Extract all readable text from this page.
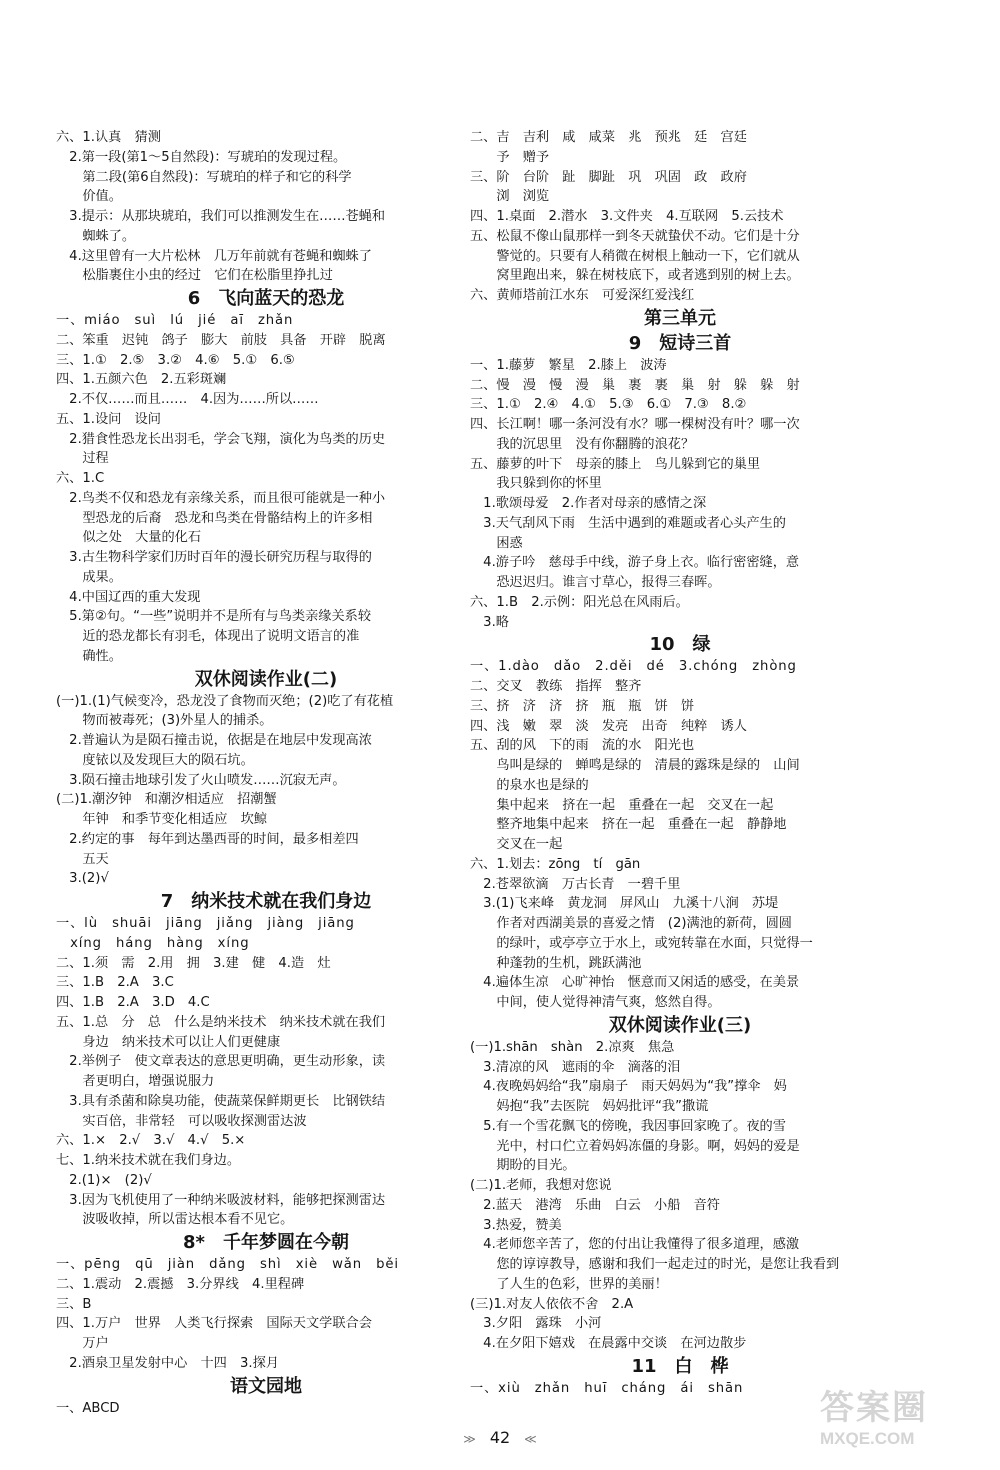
六、1.认真　猜测
　2.第一段(第1～5自然段)：写琥珀的发现过程。
　　第二段(第6自然段)：写琥珀的样子和它的科学
　　价值。
　3.提示：从那块琥珀，我们可以推测发生在……苍蝇和
　　蜘蛛了。
　4.这里曾有一大片松林　几万年前就有苍蝇和蜘蛛了
　　松脂裹住小虫的经过　它们在松脂里挣扎过
6　飞向蓝天的恐龙
一、miáo　suì　lú　jié　aī　zhǎn
二、笨重　迟钝　鸽子　膨大　前肢　具备　开辟　脱离
三、1.①　2.⑤　3.②　4.⑥　5.①　6.⑤
四、1.五颜六色　2.五彩斑斓
　2.不仅……而且……　4.因为……所以……
五、1.设问　设问
　2.猎食性恐龙长出羽毛，学会飞翔，演化为鸟类的历史
　　过程
六、1.C
　2.鸟类不仅和恐龙有亲缘关系，而且很可能就是一种小
　　型恐龙的后裔　恐龙和鸟类在骨骼结构上的许多相
　　似之处　大量的化石
　3.古生物科学家们历时百年的漫长研究历程与取得的
　　成果。
　4.中国辽西的重大发现
　5.第②句。“一些”说明并不是所有与鸟类亲缘关系较
　　近的恐龙都长有羽毛，体现出了说明文语言的准
　　确性。
双休阅读作业(二)
(一)1.(1)气候变冷，恐龙没了食物而灭绝；(2)吃了有花植
　　物而被毒死；(3)外星人的捕杀。
　2.普遍认为是陨石撞击说，依据是在地层中发现高浓
　　度铱以及发现巨大的陨石坑。
　3.陨石撞击地球引发了火山喷发……沉寂无声。
(二)1.潮汐钟　和潮汐相适应　招潮蟹
　　年钟　和季节变化相适应　坎鲸
　2.约定的事　每年到达墨西哥的时间，最多相差四
　　五天
　3.(2)√
7　纳米技术就在我们身边
一、lù　shuāi　jiāng　jiǎng　jiàng　jiāng
　xíng　háng　hàng　xíng
二、1.须　需　2.用　拥　3.建　健　4.造　灶
三、1.B　2.A　3.C
四、1.B　2.A　3.D　4.C
五、1.总　分　总　什么是纳米技术　纳米技术就在我们
　　身边　纳米技术可以让人们更健康
　2.举例子　使文章表达的意思更明确，更生动形象，读
　　者更明白，增强说服力
　3.具有杀菌和除臭功能，使蔬菜保鲜期更长　比钢铁结
　　实百倍，非常轻　可以吸收探测雷达波
六、1.×　2.√　3.√　4.√　5.×
七、1.纳米技术就在我们身边。
　2.(1)×　(2)√
　3.因为飞机使用了一种纳米吸波材料，能够把探测雷达
　　波吸收掉，所以雷达根本看不见它。
8*　千年梦圆在今朝
一、pēng　qū　jiàn　dǎng　shì　xiè　wǎn　běi
二、1.震动　2.震撼　3.分界线　4.里程碑
三、B
四、1.万户　世界　人类飞行探索　国际天文学联合会
　　万户
　2.酒泉卫星发射中心　十四　3.探月
语文园地
一、ABCD
二、吉　吉利　咸　咸菜　兆　预兆　廷　宫廷
　　予　赠予
三、阶　台阶　趾　脚趾　巩　巩固　政　政府
　　浏　浏览
四、1.桌面　2.潜水　3.文件夹　4.互联网　5.云技术
五、松鼠不像山鼠那样一到冬天就蛰伏不动。它们是十分
　　警觉的。只要有人稍微在树根上触动一下，它们就从
　　窝里跑出来，躲在树枝底下，或者逃到别的树上去。
六、黄师塔前江水东　可爱深红爱浅红
第三单元
9　短诗三首
一、1.藤萝　繁星　2.膝上　波涛
二、慢　漫　慢　漫　巢　裹　裹　巢　射　躲　躲　射
三、1.①　2.④　4.①　5.③　6.①　7.③　8.②
四、长江啊！哪一条河没有水？哪一棵树没有叶？哪一次
　　我的沉思里　没有你翻腾的浪花？
五、藤萝的叶下　母亲的膝上　鸟儿躲到它的巢里
　　我只躲到你的怀里
　1.歌颂母爱　2.作者对母亲的感情之深
　3.天气刮风下雨　生活中遇到的难题或者心头产生的
　　困惑
　4.游子吟　慈母手中线，游子身上衣。临行密密缝，意
　　恐迟迟归。谁言寸草心，报得三春晖。
六、1.B　2.示例：阳光总在风雨后。
　3.略
10　绿
一、1.dào　dǎo　2.děi　dé　3.chóng　zhòng
二、交叉　教练　指挥　整齐
三、挤　济　济　挤　瓶　瓶　饼　饼
四、浅　嫩　翠　淡　发亮　出奇　纯粹　诱人
五、刮的风　下的雨　流的水　阳光也
　　鸟叫是绿的　蝉鸣是绿的　清晨的露珠是绿的　山间
　　的泉水也是绿的
　　集中起来　挤在一起　重叠在一起　交叉在一起
　　整齐地集中起来　挤在一起　重叠在一起　静静地
　　交叉在一起
六、1.划去：zōng　tí　gān
　2.苍翠欲滴　万古长青　一碧千里
　3.(1)飞来峰　黄龙洞　屏风山　九溪十八涧　苏堤
　　作者对西湖美景的喜爱之情　(2)满池的新荷，圆圆
　　的绿叶，或亭亭立于水上，或宛转靠在水面，只觉得一
　　种蓬勃的生机，跳跃满池
　4.遍体生凉　心旷神怡　惬意而又闲适的感受，在美景
　　中间，使人觉得神清气爽，悠然自得。
双休阅读作业(三)
(一)1.shān　shàn　2.凉爽　焦急
　3.清凉的风　遮雨的伞　滴落的泪
　4.夜晚妈妈给“我”扇扇子　雨天妈妈为“我”撑伞　妈
　　妈抱“我”去医院　妈妈批评“我”撒谎
　5.有一个雪花飘飞的傍晚，我因事回家晚了。夜的雪
　　光中，村口伫立着妈妈冻僵的身影。啊，妈妈的爱是
　　期盼的目光。
(二)1.老师，我想对您说
　2.蓝天　港湾　乐曲　白云　小船　音符
　3.热爱，赞美
　4.老师您辛苦了，您的付出让我懂得了很多道理，感激
　　您的谆谆教导，感谢和我们一起走过的时光，是您让我看到
　　了人生的色彩，世界的美丽！
(三)1.对友人依依不舍　2.A
　3.夕阳　露珠　小河
　4.在夕阳下嬉戏　在晨露中交谈　在河边散步
11　白　桦
一、xiù　zhǎn　huī　cháng　ái　shān
≫ 42 ≪
答案圈
MXQE.COM
